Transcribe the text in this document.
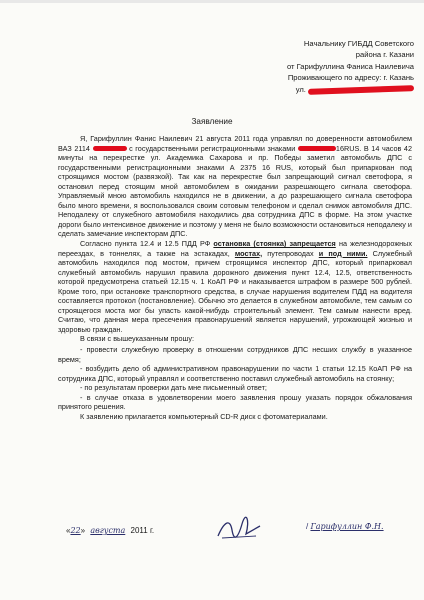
Начальнику ГИБДД Советского
района г. Казани
от Гарифуллина Фаниса Наилевича
Проживающего по адресу: г. Казань
ул.
Заявление

Я, Гарифуллин Фанис Наилевич 21 августа 2011 года управлял по доверенности автомобилем ВАЗ 2114	с государственными регистрационными знаками	16RUS. В 14 часов 42 минуты на перекрестке ул. Академика Сахарова и пр. Победы заметил автомобиль ДПС с государственными регистрационными знаками А 2375 16 RUS, который был припаркован под строящимся мостом (развязкой). Так как на перекрестке был запрещающий сигнал светофора, я остановил перед стоящим мной автомобилем в ожидании разрешающего сигнала светофора. Управляемый мною автомобиль находился не в движении, а до разрешающего сигнала светофора было много времени, я воспользовался своим сотовым телефоном и сделал снимок автомобиля ДПС. Неподалеку от служебного автомобиля находились два сотрудника ДПС в форме. На этом участке дороги было интенсивное движение и поэтому у меня не было возможности остановиться неподалеку и сделать замечание инспекторам ДПС.

Согласно пункта 12.4 и 12.5 ПДД РФ остановка (стоянка) запрещается на железнодорожных переездах, в тоннелях, а также на эстакадах, мостах, путепроводах и под ними. Служебный автомобиль находился под мостом, причем строящимся инспектор ДПС, который припарковал служебный автомобиль нарушил правила дорожного движения пункт 12.4, 12.5, ответственность которой предусмотрена статьей 12.15 ч. 1 КоАП РФ и наказывается штрафом в размере 500 рублей. Кроме того, при остановке транспортного средства, в случае нарушения водителем ПДД на водителя составляется протокол (постановление). Обычно это делается в служебном автомобиле, тем самым со строящегося моста мог бы упасть какой-нибудь строительный элемент. Тем самым нанести вред. Считаю, что данная мера пресечения правонарушений является нарушений, угрожающей жизнью и здоровью граждан.

В связи с вышеуказанным прошу:

- провести служебную проверку в отношении сотрудников ДПС несших службу в указанное время;

- возбудить дело об административном правонарушении по части 1 статьи 12.15 КоАП РФ на сотрудника ДПС, который управлял и соответственно поставил служебный автомобиль на стоянку;

- по результатам проверки дать мне письменный ответ;

- в случае отказа в удовлетворении моего заявления прошу указать порядок обжалования принятого решения.

К заявлению прилагается компьютерный CD-R диск с фотоматериалами.

«22» августа 2011 г.	/ Гарифуллин Ф.Н.
